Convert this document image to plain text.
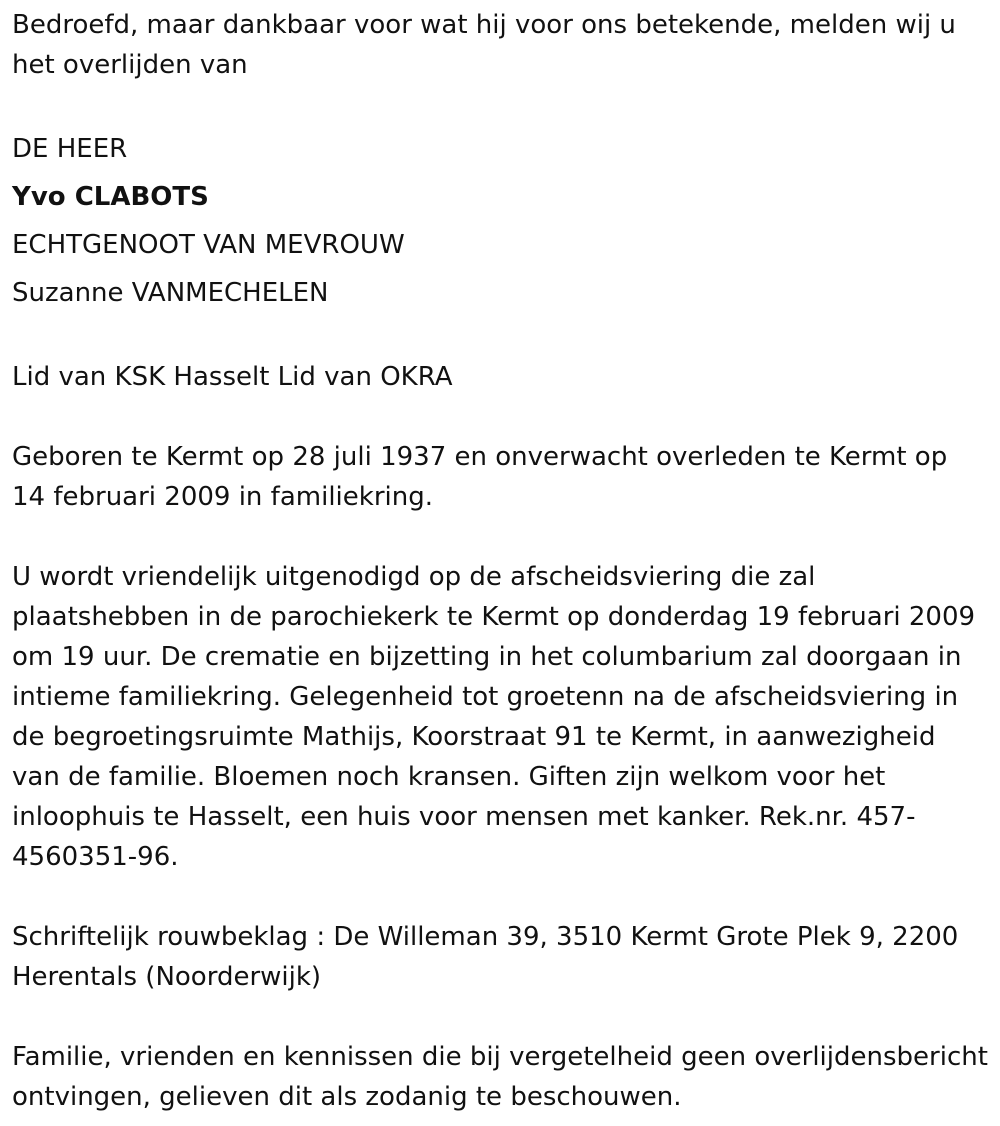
Bedroefd, maar dankbaar voor wat hij voor ons betekende, melden wij u het overlijden van

DE HEER
Yvo CLABOTS
ECHTGENOOT VAN MEVROUW
Suzanne VANMECHELEN

Lid van KSK Hasselt Lid van OKRA

Geboren te Kermt op 28 juli 1937 en onverwacht overleden te Kermt op 14 februari 2009 in familiekring.

U wordt vriendelijk uitgenodigd op de afscheidsviering die zal plaatshebben in de parochiekerk te Kermt op donderdag 19 februari 2009 om 19 uur. De crematie en bijzetting in het columbarium zal doorgaan in intieme familiekring. Gelegenheid tot groetenn na de afscheidsviering in de begroetingsruimte Mathijs, Koorstraat 91 te Kermt, in aanwezigheid van de familie. Bloemen noch kransen. Giften zijn welkom voor het inloophuis te Hasselt, een huis voor mensen met kanker. Rek.nr. 457-4560351-96.

Schriftelijk rouwbeklag : De Willeman 39, 3510 Kermt Grote Plek 9, 2200 Herentals (Noorderwijk)

Familie, vrienden en kennissen die bij vergetelheid geen overlijdensbericht ontvingen, gelieven dit als zodanig te beschouwen.
